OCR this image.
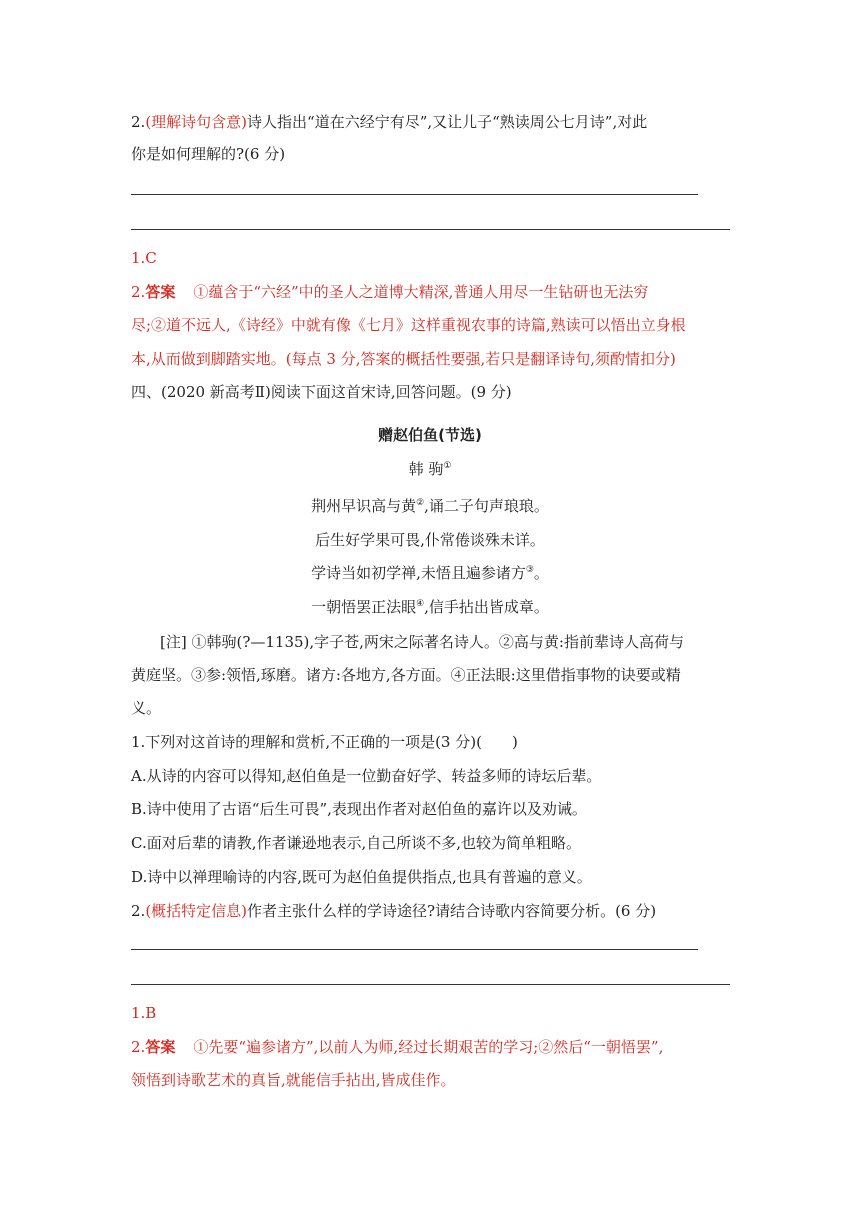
2.(理解诗句含意)诗人指出“道在六经宁有尽”,又让儿子“熟读周公七月诗”,对此
你是如何理解的?(6 分)
1.C
2.答案 ①蕴含于“六经”中的圣人之道博大精深,普通人用尽一生钻研也无法穷
尽;②道不远人,《诗经》中就有像《七月》这样重视农事的诗篇,熟读可以悟出立身根
本,从而做到脚踏实地。(每点 3 分,答案的概括性要强,若只是翻译诗句,须酌情扣分)
四、(2020 新高考Ⅱ)阅读下面这首宋诗,回答问题。(9 分)
赠赵伯鱼(节选)
韩 驹①
荆州早识高与黄②,诵二子句声琅琅。
后生好学果可畏,仆常倦谈殊未详。
学诗当如初学禅,未悟且遍参诸方③。
一朝悟罢正法眼④,信手拈出皆成章。
[注] ①韩驹(?—1135),字子苍,两宋之际著名诗人。②高与黄:指前辈诗人高荷与
黄庭坚。③参:领悟,琢磨。诸方:各地方,各方面。④正法眼:这里借指事物的诀要或精
义。
1.下列对这首诗的理解和赏析,不正确的一项是(3 分)(　　)
A.从诗的内容可以得知,赵伯鱼是一位勤奋好学、转益多师的诗坛后辈。
B.诗中使用了古语“后生可畏”,表现出作者对赵伯鱼的嘉许以及劝诫。
C.面对后辈的请教,作者谦逊地表示,自己所谈不多,也较为简单粗略。
D.诗中以禅理喻诗的内容,既可为赵伯鱼提供指点,也具有普遍的意义。
2.(概括特定信息)作者主张什么样的学诗途径?请结合诗歌内容简要分析。(6 分)
1.B
2.答案 ①先要“遍参诸方”,以前人为师,经过长期艰苦的学习;②然后“一朝悟罢”,
领悟到诗歌艺术的真旨,就能信手拈出,皆成佳作。
